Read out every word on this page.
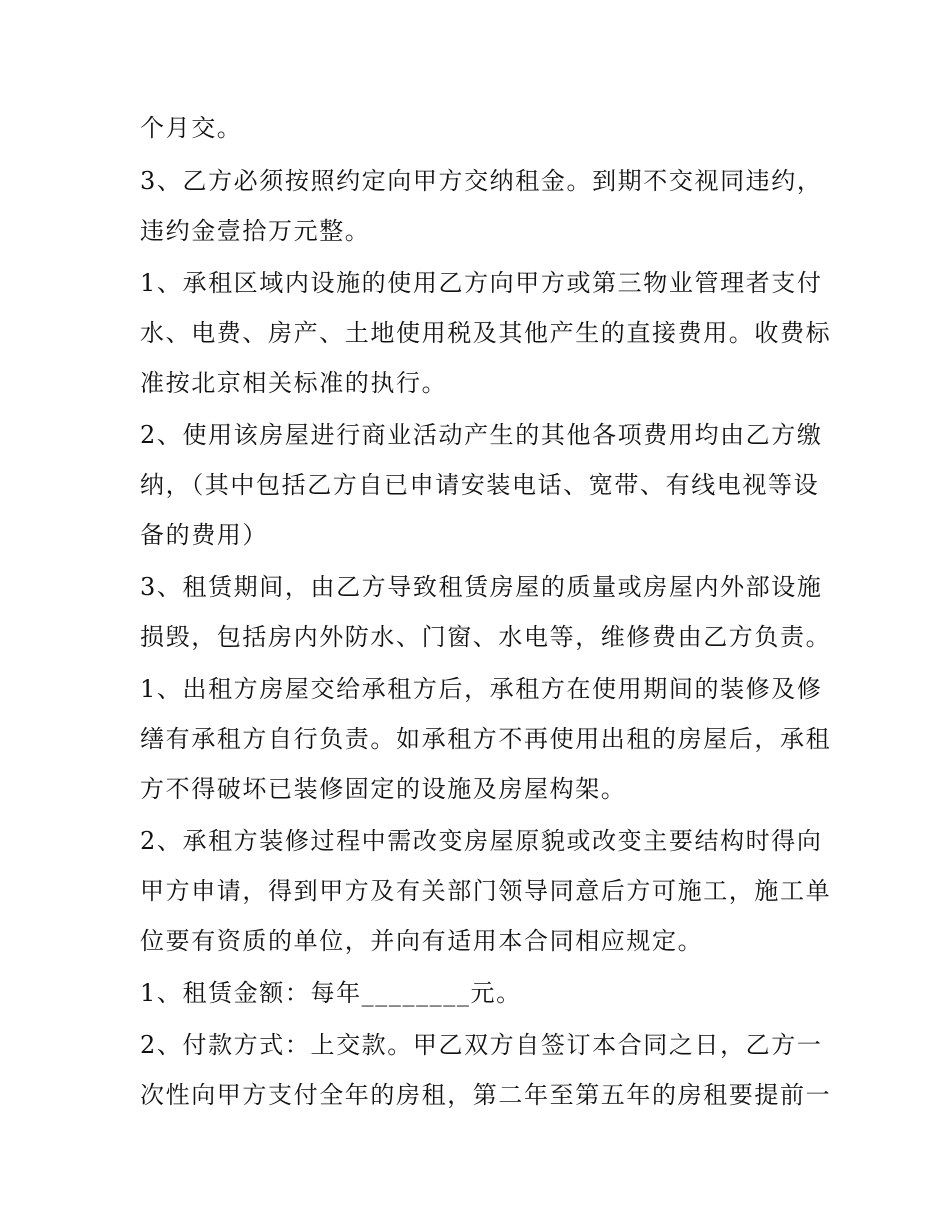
个月交。
3、乙方必须按照约定向甲方交纳租金。到期不交视同违约，
违约金壹拾万元整。
1、承租区域内设施的使用乙方向甲方或第三物业管理者支付
水、电费、房产、土地使用税及其他产生的直接费用。收费标
准按北京相关标准的执行。
2、使用该房屋进行商业活动产生的其他各项费用均由乙方缴
纳，（其中包括乙方自已申请安装电话、宽带、有线电视等设
备的费用）
3、租赁期间，由乙方导致租赁房屋的质量或房屋内外部设施
损毁，包括房内外防水、门窗、水电等，维修费由乙方负责。
1、出租方房屋交给承租方后，承租方在使用期间的装修及修
缮有承租方自行负责。如承租方不再使用出租的房屋后，承租
方不得破坏已装修固定的设施及房屋构架。
2、承租方装修过程中需改变房屋原貌或改变主要结构时得向
甲方申请，得到甲方及有关部门领导同意后方可施工，施工单
位要有资质的单位，并向有适用本合同相应规定。
1、租赁金额：每年________元。
2、付款方式：上交款。甲乙双方自签订本合同之日，乙方一
次性向甲方支付全年的房租，第二年至第五年的房租要提前一
